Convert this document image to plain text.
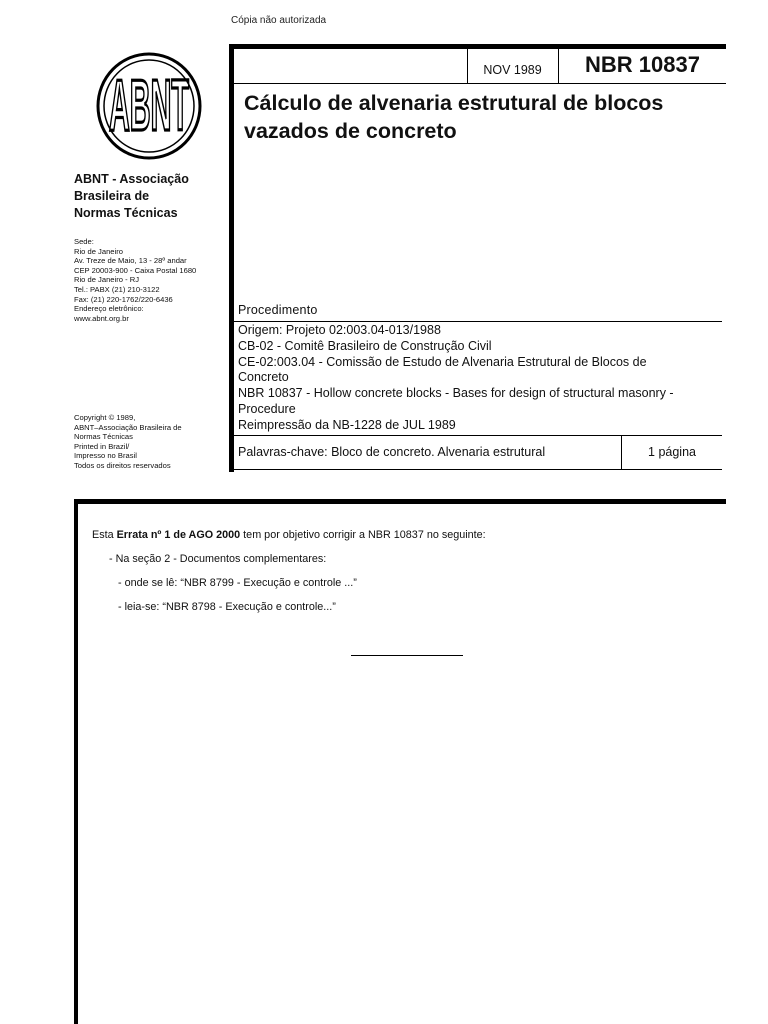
Cópia não autorizada
ABNT
ABNT - Associação
Brasileira de
Normas Técnicas
Sede:
Rio de Janeiro
Av. Treze de Maio, 13 - 28º andar
CEP 20003-900 - Caixa Postal 1680
Rio de Janeiro - RJ
Tel.: PABX (21) 210-3122
Fax: (21) 220-1762/220-6436
Endereço eletrônico:
www.abnt.org.br
Copyright © 1989,
ABNT–Associação Brasileira de
Normas Técnicas
Printed in Brazil/
Impresso no Brasil
Todos os direitos reservados
NOV 1989	NBR 10837
Cálculo de alvenaria estrutural de blocos vazados de concreto
Procedimento
Origem: Projeto 02:003.04-013/1988
CB-02 - Comitê Brasileiro de Construção Civil
CE-02:003.04 - Comissão de Estudo de Alvenaria Estrutural de Blocos de
Concreto
NBR 10837 - Hollow concrete blocks - Bases for design of structural masonry -
Procedure
Reimpressão da NB-1228 de JUL 1989
Palavras-chave: Bloco de concreto. Alvenaria estrutural	1 página
Esta Errata nº 1 de AGO 2000 tem por objetivo corrigir a NBR 10837 no seguinte:
- Na seção 2 - Documentos complementares:
- onde se lê: “NBR 8799 - Execução e controle ...”
- leia-se: “NBR 8798 - Execução e controle...”
